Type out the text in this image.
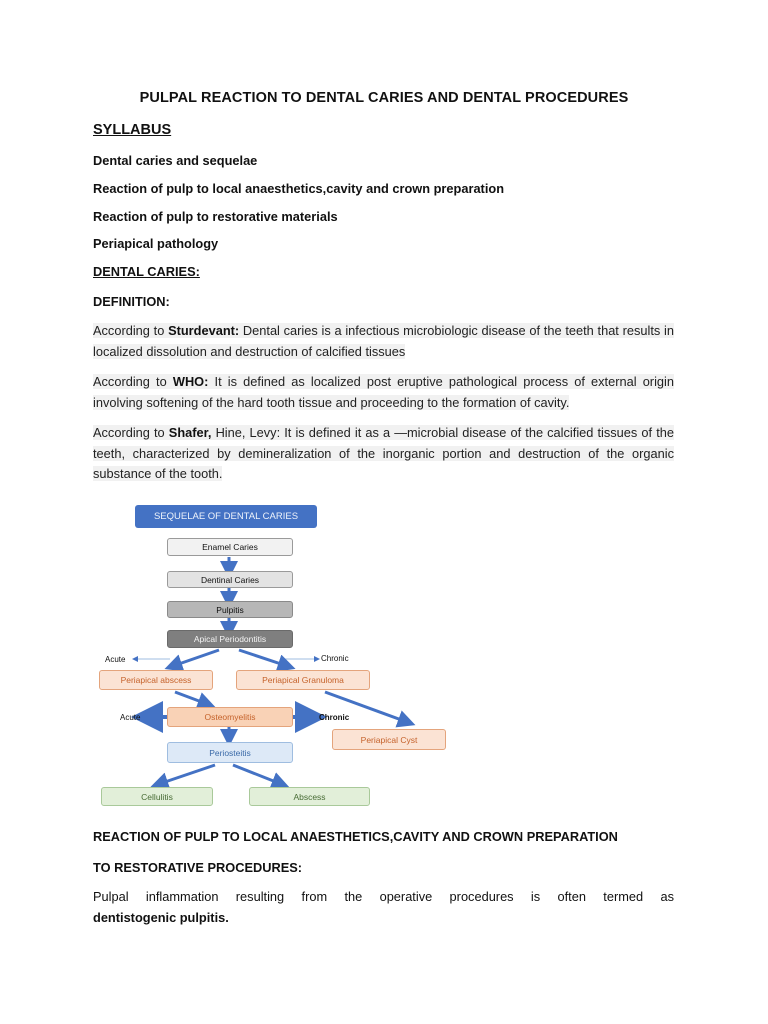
PULPAL REACTION TO DENTAL CARIES AND DENTAL PROCEDURES
SYLLABUS
Dental caries and sequelae
Reaction of pulp to local anaesthetics,cavity and crown preparation
Reaction of pulp to restorative materials
Periapical pathology
DENTAL CARIES:
DEFINITION:
According to Sturdevant: Dental caries is a infectious microbiologic disease of the teeth that results in localized dissolution and destruction of calcified tissues
According to WHO: It is defined as localized post eruptive pathological process of external origin involving softening of the hard tooth tissue and proceeding to the formation of cavity.
According to Shafer, Hine, Levy: It is defined it as a —microbial disease of the calcified tissues of the teeth, characterized by demineralization of the inorganic portion and destruction of the organic substance of the tooth.
SEQUELAE OF DENTAL CARIES
Enamel Caries
Dentinal Caries
Pulpitis
Apical Periodontitis
Acute	Chronic
Periapical abscess	Periapical Granuloma
Acute	Osteomyelitis	Chronic
Periapical Cyst
Periosteitis
Cellulitis	Abscess
REACTION OF PULP TO LOCAL ANAESTHETICS,CAVITY AND CROWN PREPARATION
TO RESTORATIVE PROCEDURES:
Pulpal inflammation resulting from the operative procedures is often termed as
dentistogenic pulpitis.
